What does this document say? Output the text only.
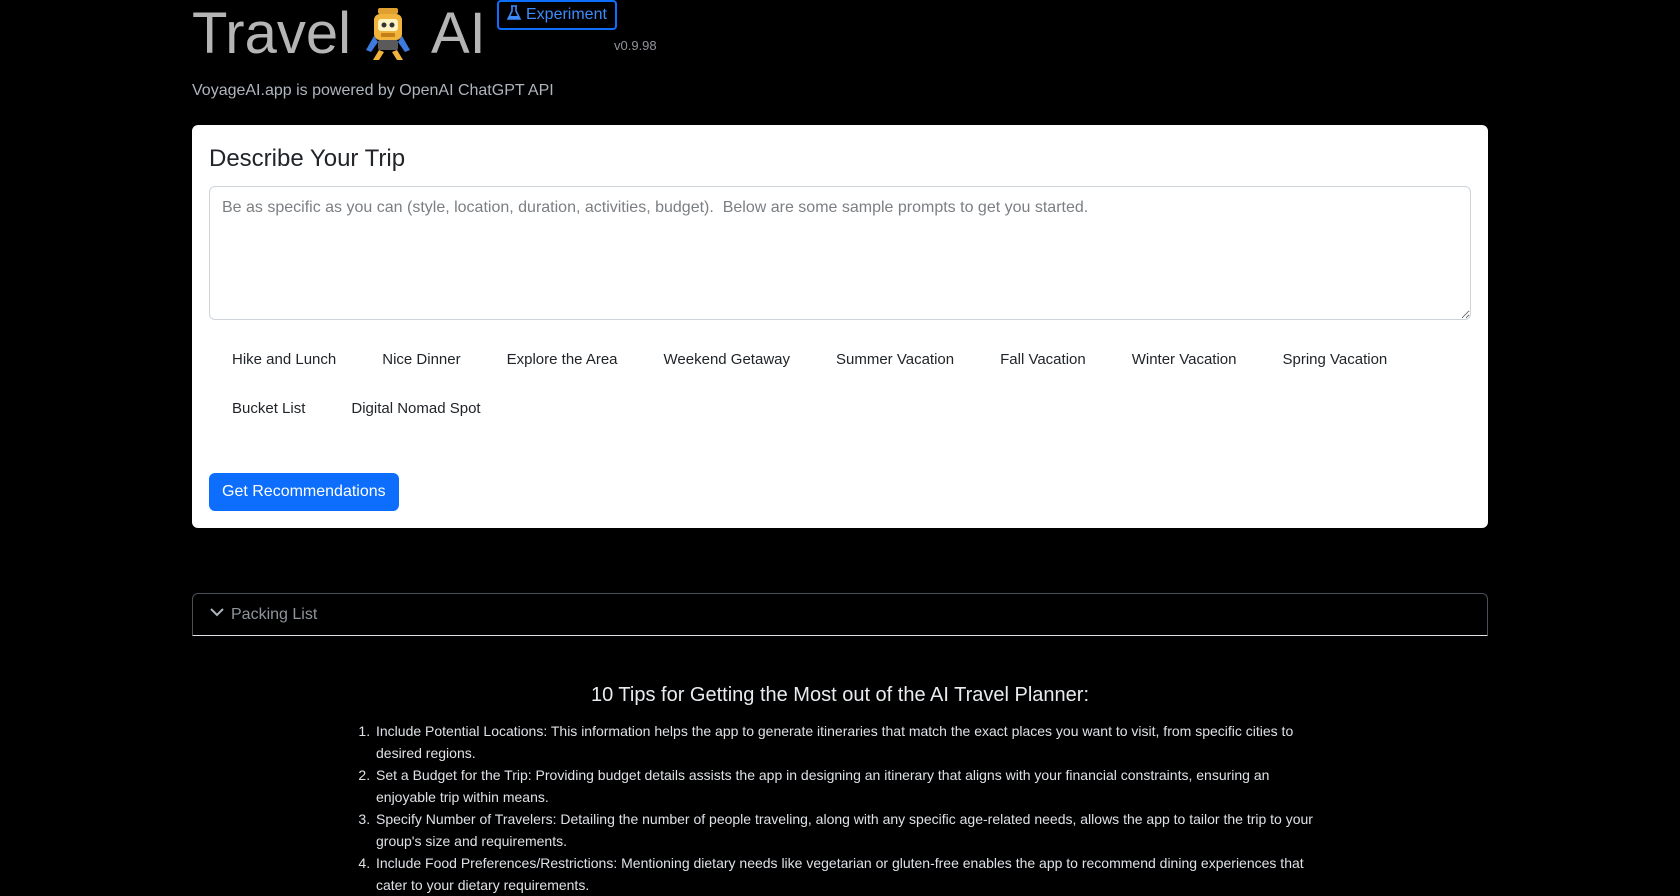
Travel AI	Experiment
v0.9.98
VoyageAI.app is powered by OpenAI ChatGPT API
Describe Your Trip
Be as specific as you can (style, location, duration, activities, budget). Below are some sample prompts to get you started.
Hike and Lunch	Nice Dinner	Explore the Area	Weekend Getaway	Summer Vacation	Fall Vacation	Winter Vacation	Spring Vacation
Bucket List	Digital Nomad Spot
Get Recommendations
Packing List
10 Tips for Getting the Most out of the AI Travel Planner:
1. Include Potential Locations: This information helps the app to generate itineraries that match the exact places you want to visit, from specific cities to desired regions.
2. Set a Budget for the Trip: Providing budget details assists the app in designing an itinerary that aligns with your financial constraints, ensuring an enjoyable trip within means.
3. Specify Number of Travelers: Detailing the number of people traveling, along with any specific age-related needs, allows the app to tailor the trip to your group's size and requirements.
4. Include Food Preferences/Restrictions: Mentioning dietary needs like vegetarian or gluten-free enables the app to recommend dining experiences that cater to your dietary requirements.
